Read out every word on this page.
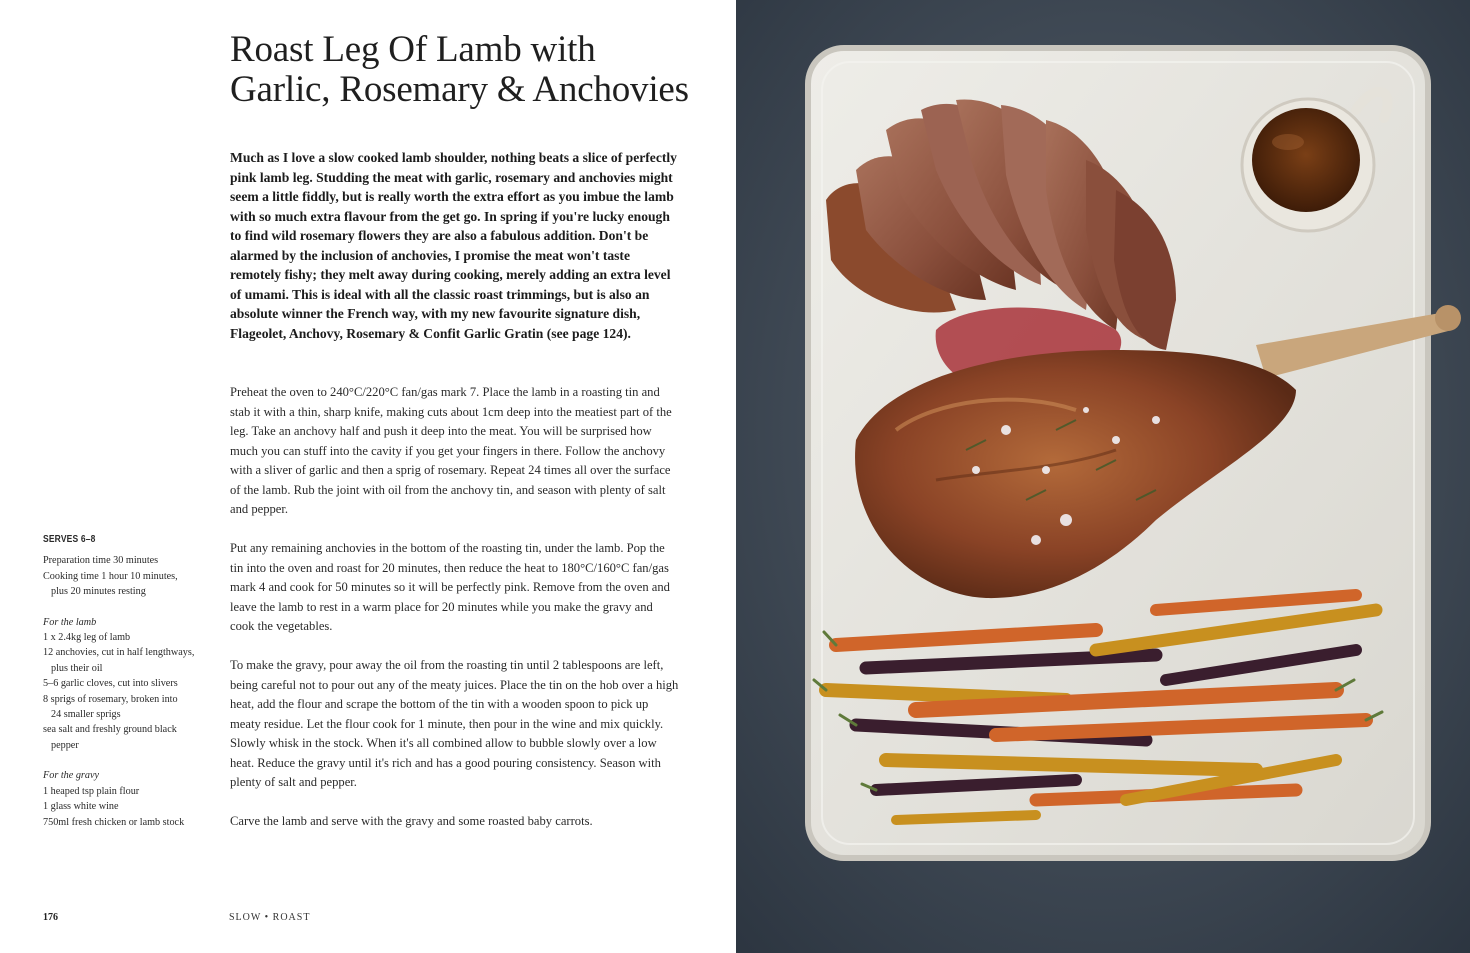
Roast Leg Of Lamb with
Garlic, Rosemary & Anchovies

Much as I love a slow cooked lamb shoulder, nothing beats a slice of perfectly pink lamb leg. Studding the meat with garlic, rosemary and anchovies might seem a little fiddly, but is really worth the extra effort as you imbue the lamb with so much extra flavour from the get go. In spring if you're lucky enough to find wild rosemary flowers they are also a fabulous addition. Don't be alarmed by the inclusion of anchovies, I promise the meat won't taste remotely fishy; they melt away during cooking, merely adding an extra level of umami. This is ideal with all the classic roast trimmings, but is also an absolute winner the French way, with my new favourite signature dish, Flageolet, Anchovy, Rosemary & Confit Garlic Gratin (see page 124).

Preheat the oven to 240°C/220°C fan/gas mark 7. Place the lamb in a roasting tin and stab it with a thin, sharp knife, making cuts about 1cm deep into the meatiest part of the leg. Take an anchovy half and push it deep into the meat. You will be surprised how much you can stuff into the cavity if you get your fingers in there. Follow the anchovy with a sliver of garlic and then a sprig of rosemary. Repeat 24 times all over the surface of the lamb. Rub the joint with oil from the anchovy tin, and season with plenty of salt and pepper.

Put any remaining anchovies in the bottom of the roasting tin, under the lamb. Pop the tin into the oven and roast for 20 minutes, then reduce the heat to 180°C/160°C fan/gas mark 4 and cook for 50 minutes so it will be perfectly pink. Remove from the oven and leave the lamb to rest in a warm place for 20 minutes while you make the gravy and cook the vegetables.

To make the gravy, pour away the oil from the roasting tin until 2 tablespoons are left, being careful not to pour out any of the meaty juices. Place the tin on the hob over a high heat, add the flour and scrape the bottom of the tin with a wooden spoon to pick up meaty residue. Let the flour cook for 1 minute, then pour in the wine and mix quickly. Slowly whisk in the stock. When it's all combined allow to bubble slowly over a low heat. Reduce the gravy until it's rich and has a good pouring consistency. Season with plenty of salt and pepper.

Carve the lamb and serve with the gravy and some roasted baby carrots.

SERVES 6–8
Preparation time 30 minutes
Cooking time 1 hour 10 minutes,
plus 20 minutes resting
For the lamb
1 x 2.4kg leg of lamb
12 anchovies, cut in half lengthways,
plus their oil
5–6 garlic cloves, cut into slivers
8 sprigs of rosemary, broken into
24 smaller sprigs
sea salt and freshly ground black
pepper
For the gravy
1 heaped tsp plain flour
1 glass white wine
750ml fresh chicken or lamb stock
176	SLOW • ROAST
